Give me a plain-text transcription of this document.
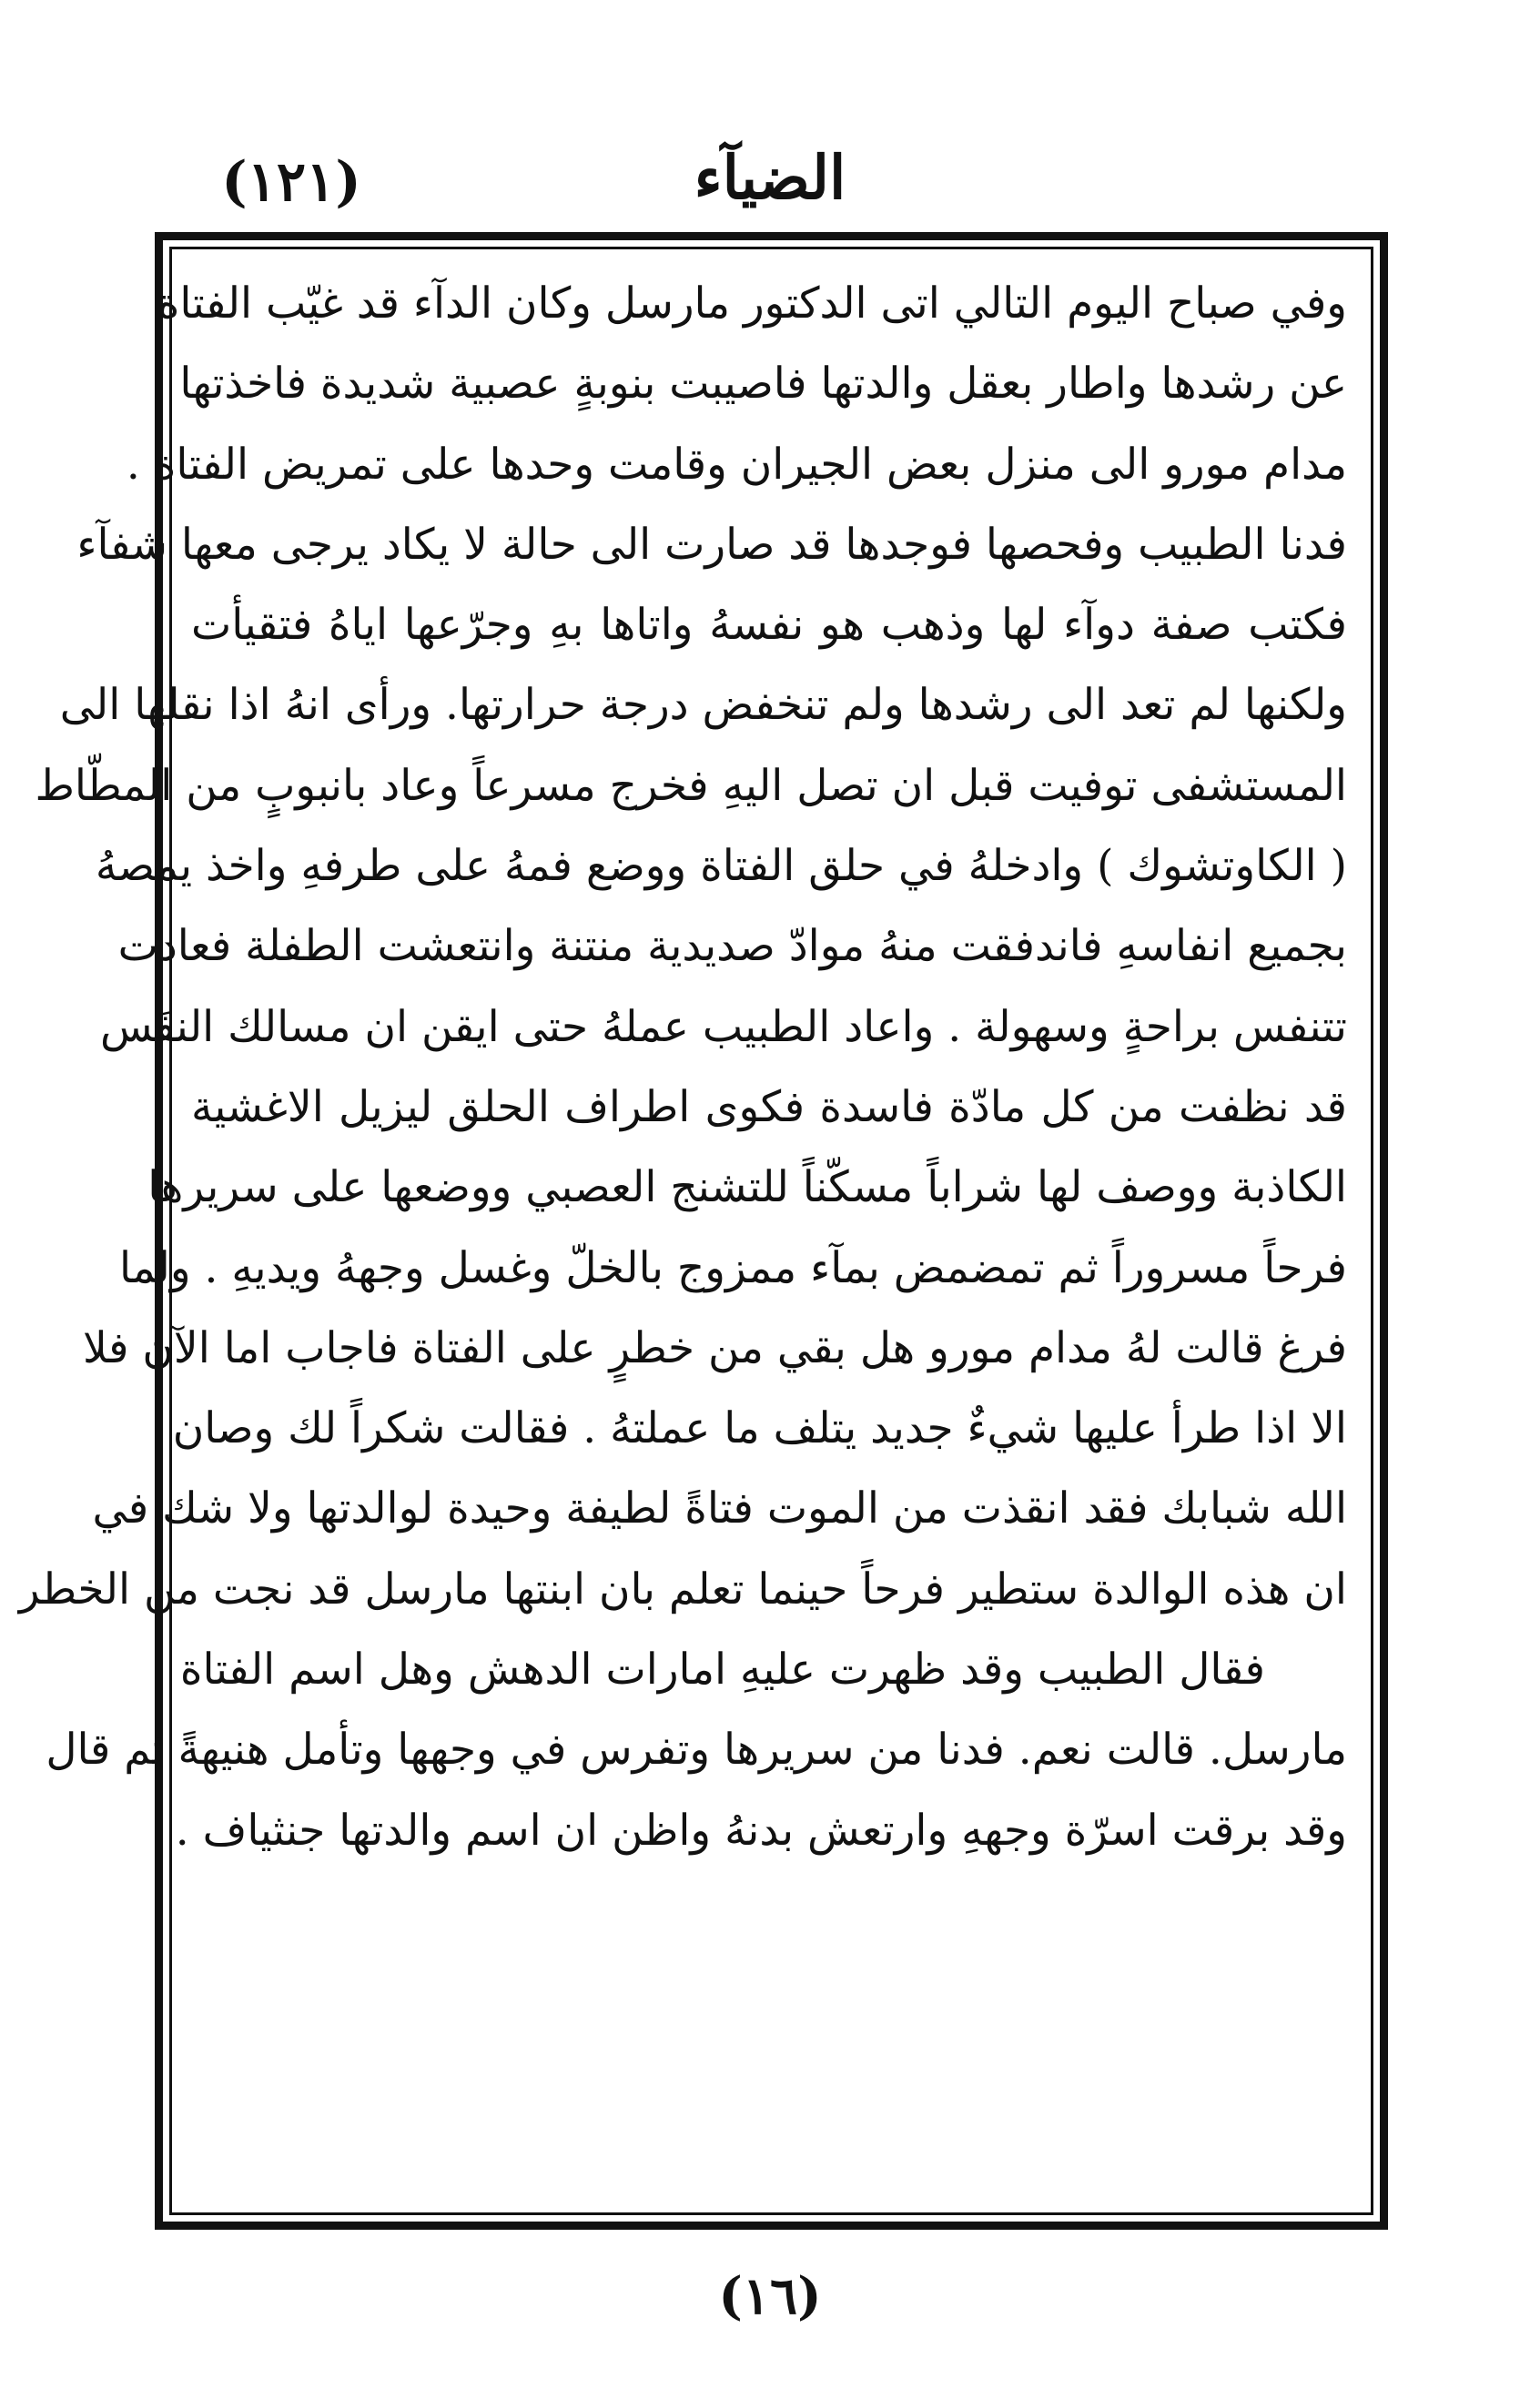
(١٢١)	الضيآء
وفي صباح اليوم التالي اتى الدكتور مارسل وكان الدآء قد غيّب الفتاة
عن رشدها واطار بعقل والدتها فاصيبت بنوبةٍ عصبية شديدة فاخذتها
مدام مورو الى منزل بعض الجيران وقامت وحدها على تمريض الفتاة .
فدنا الطبيب وفحصها فوجدها قد صارت الى حالة لا يكاد يرجى معها شفآء
فكتب صفة دوآء لها وذهب هو نفسهُ واتاها بهِ وجرّعها اياهُ فتقيأت
ولكنها لم تعد الى رشدها ولم تنخفض درجة حرارتها. ورأى انهُ اذا نقلها الى
المستشفى توفيت قبل ان تصل اليهِ فخرج مسرعاً وعاد بانبوبٍ من المطّاط
( الكاوتشوك ) وادخلهُ في حلق الفتاة ووضع فمهُ على طرفهِ واخذ يمصهُ
بجميع انفاسهِ فاندفقت منهُ موادّ صديدية منتنة وانتعشت الطفلة فعادت
تتنفس براحةٍ وسهولة . واعاد الطبيب عملهُ حتى ايقن ان مسالك النفَس
قد نظفت من كل مادّة فاسدة فكوى اطراف الحلق ليزيل الاغشية
الكاذبة ووصف لها شراباً مسكّناً للتشنج العصبي ووضعها على سريرها
فرحاً مسروراً ثم تمضمض بمآء ممزوج بالخلّ وغسل وجههُ ويديهِ . ولما
فرغ قالت لهُ مدام مورو هل بقي من خطرٍ على الفتاة فاجاب اما الآن فلا
الا اذا طرأ عليها شيءٌ جديد يتلف ما عملتهُ . فقالت شكراً لك وصان
الله شبابك فقد انقذت من الموت فتاةً لطيفة وحيدة لوالدتها ولا شك في
ان هذه الوالدة ستطير فرحاً حينما تعلم بان ابنتها مارسل قد نجت من الخطر
فقال الطبيب وقد ظهرت عليهِ امارات الدهش وهل اسم الفتاة
مارسل. قالت نعم. فدنا من سريرها وتفرس في وجهها وتأمل هنيهةً ثم قال
وقد برقت اسرّة وجههِ وارتعش بدنهُ واظن ان اسم والدتها جنثياف .
(١٦)
